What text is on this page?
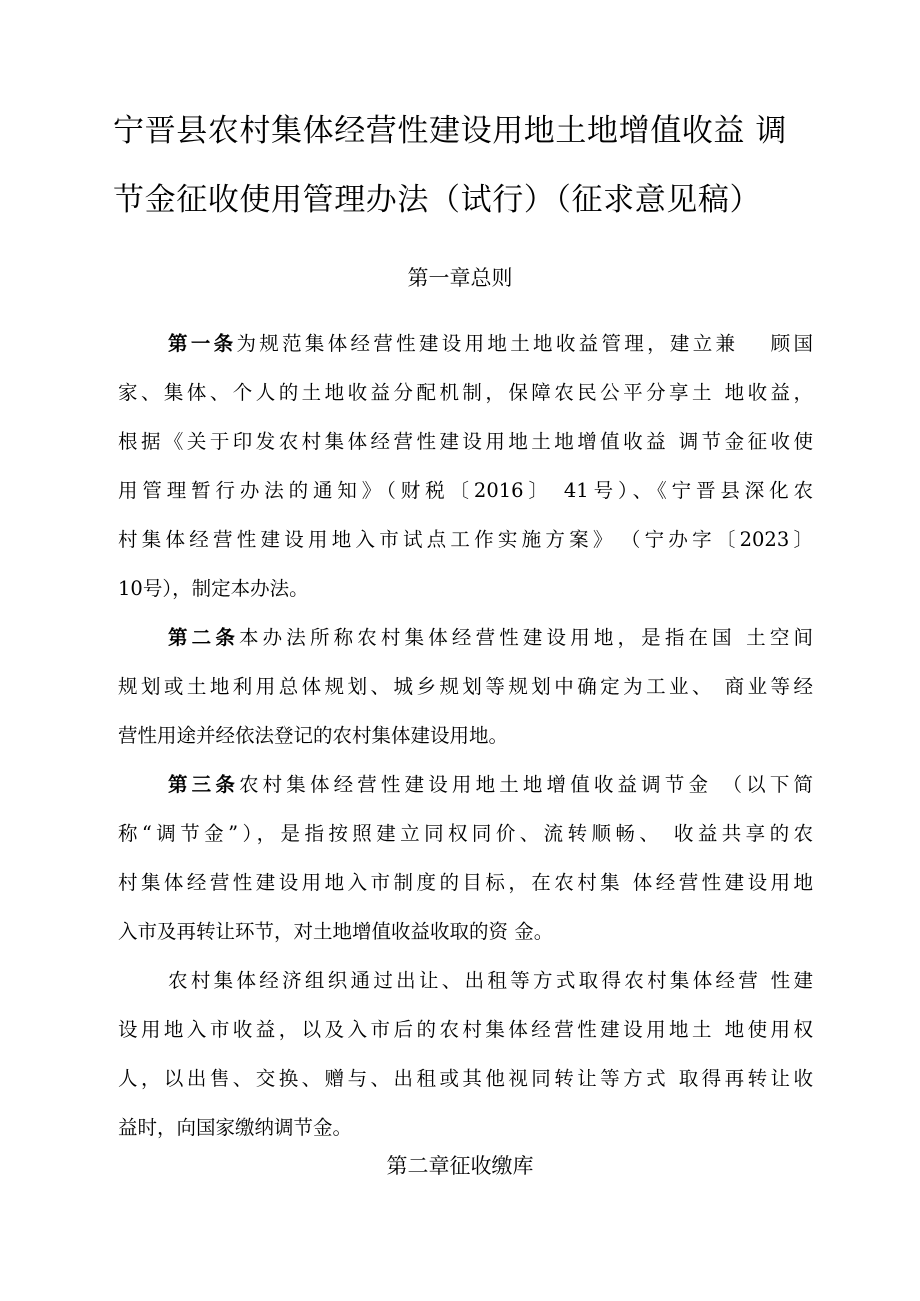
宁晋县农村集体经营性建设用地土地增值收益 调
节金征收使用管理办法（试行）（征求意见稿）
第一章总则

第一条为规范集体经营性建设用地土地收益管理，建立兼　 顾国

家、集体、个人的土地收益分配机制，保障农民公平分享土 地收益，

根据《关于印发农村集体经营性建设用地土地增值收益 调节金征收使

用管理暂行办法的通知》（财税〔2016〕 41号）、《宁晋县深化农

村集体经营性建设用地入市试点工作实施方案》　（宁办字〔2023〕

10号），制定本办法。

第二条本办法所称农村集体经营性建设用地，是指在国 土空间

规划或土地利用总体规划、城乡规划等规划中确定为工业、 商业等经

营性用途并经依法登记的农村集体建设用地。

第三条农村集体经营性建设用地土地增值收益调节金 （以下简

称“调节金”），是指按照建立同权同价、流转顺畅、 收益共享的农

村集体经营性建设用地入市制度的目标，在农村集 体经营性建设用地

入市及再转让环节，对土地增值收益收取的资 金。

农村集体经济组织通过出让、出租等方式取得农村集体经营 性建

设用地入市收益，以及入市后的农村集体经营性建设用地土 地使用权

人，以出售、交换、赠与、出租或其他视同转让等方式 取得再转让收

益时，向国家缴纳调节金。

第二章征收缴库
